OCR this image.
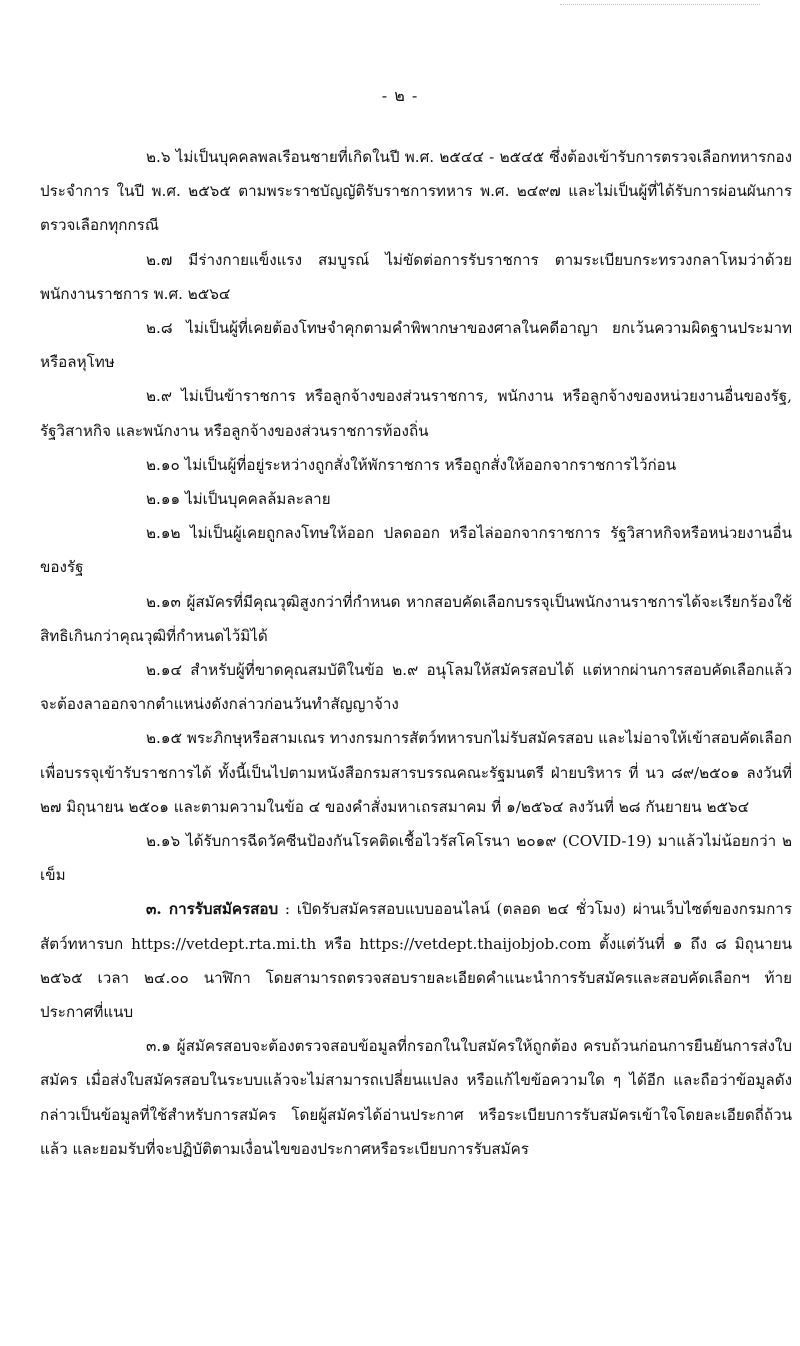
- ๒ -

๒.๖ ไม่เป็นบุคคลพลเรือนชายที่เกิดในปี พ.ศ. ๒๕๔๔ - ๒๕๔๕ ซึ่งต้องเข้ารับการตรวจเลือกทหารกองประจำการ ในปี พ.ศ. ๒๕๖๕ ตามพระราชบัญญัติรับราชการทหาร พ.ศ. ๒๔๙๗ และไม่เป็นผู้ที่ได้รับการผ่อนผันการตรวจเลือกทุกกรณี

๒.๗ มีร่างกายแข็งแรง สมบูรณ์ ไม่ขัดต่อการรับราชการ ตามระเบียบกระทรวงกลาโหมว่าด้วยพนักงานราชการ พ.ศ. ๒๕๖๔

๒.๘ ไม่เป็นผู้ที่เคยต้องโทษจำคุกตามคำพิพากษาของศาลในคดีอาญา ยกเว้นความผิดฐานประมาท หรือลหุโทษ

๒.๙ ไม่เป็นข้าราชการ หรือลูกจ้างของส่วนราชการ, พนักงาน หรือลูกจ้างของหน่วยงานอื่นของรัฐ, รัฐวิสาหกิจ และพนักงาน หรือลูกจ้างของส่วนราชการท้องถิ่น

๒.๑๐ ไม่เป็นผู้ที่อยู่ระหว่างถูกสั่งให้พักราชการ หรือถูกสั่งให้ออกจากราชการไว้ก่อน

๒.๑๑ ไม่เป็นบุคคลล้มละลาย

๒.๑๒ ไม่เป็นผู้เคยถูกลงโทษให้ออก ปลดออก หรือไล่ออกจากราชการ รัฐวิสาหกิจหรือหน่วยงานอื่นของรัฐ

๒.๑๓ ผู้สมัครที่มีคุณวุฒิสูงกว่าที่กำหนด หากสอบคัดเลือกบรรจุเป็นพนักงานราชการได้จะเรียกร้องใช้สิทธิเกินกว่าคุณวุฒิที่กำหนดไว้มิได้

๒.๑๔ สำหรับผู้ที่ขาดคุณสมบัติในข้อ ๒.๙ อนุโลมให้สมัครสอบได้ แต่หากผ่านการสอบคัดเลือกแล้ว จะต้องลาออกจากตำแหน่งดังกล่าวก่อนวันทำสัญญาจ้าง

๒.๑๕ พระภิกษุหรือสามเณร ทางกรมการสัตว์ทหารบกไม่รับสมัครสอบ และไม่อาจให้เข้าสอบคัดเลือกเพื่อบรรจุเข้ารับราชการได้ ทั้งนี้เป็นไปตามหนังสือกรมสารบรรณคณะรัฐมนตรี ฝ่ายบริหาร ที่ นว ๘๙/๒๕๐๑ ลงวันที่ ๒๗ มิถุนายน ๒๕๐๑ และตามความในข้อ ๔ ของคำสั่งมหาเถรสมาคม ที่ ๑/๒๕๖๔ ลงวันที่ ๒๘ กันยายน ๒๕๖๔

๒.๑๖ ได้รับการฉีดวัคซีนป้องกันโรคติดเชื้อไวรัสโคโรนา ๒๐๑๙ (COVID-19) มาแล้วไม่น้อยกว่า ๒ เข็ม

๓. การรับสมัครสอบ : เปิดรับสมัครสอบแบบออนไลน์ (ตลอด ๒๔ ชั่วโมง) ผ่านเว็บไซต์ของกรมการสัตว์ทหารบก https://vetdept.rta.mi.th หรือ https://vetdept.thaijobjob.com ตั้งแต่วันที่ ๑ ถึง ๘ มิถุนายน ๒๕๖๕ เวลา ๒๔.๐๐ นาฬิกา โดยสามารถตรวจสอบรายละเอียดคำแนะนำการรับสมัครและสอบคัดเลือกฯ ท้ายประกาศที่แนบ

๓.๑ ผู้สมัครสอบจะต้องตรวจสอบข้อมูลที่กรอกในใบสมัครให้ถูกต้อง ครบถ้วนก่อนการยืนยันการส่งใบสมัคร เมื่อส่งใบสมัครสอบในระบบแล้วจะไม่สามารถเปลี่ยนแปลง หรือแก้ไขข้อความใด ๆ ได้อีก และถือว่าข้อมูลดังกล่าวเป็นข้อมูลที่ใช้สำหรับการสมัคร โดยผู้สมัครได้อ่านประกาศ หรือระเบียบการรับสมัครเข้าใจโดยละเอียดถี่ถ้วนแล้ว และยอมรับที่จะปฏิบัติตามเงื่อนไขของประกาศหรือระเบียบการรับสมัคร
